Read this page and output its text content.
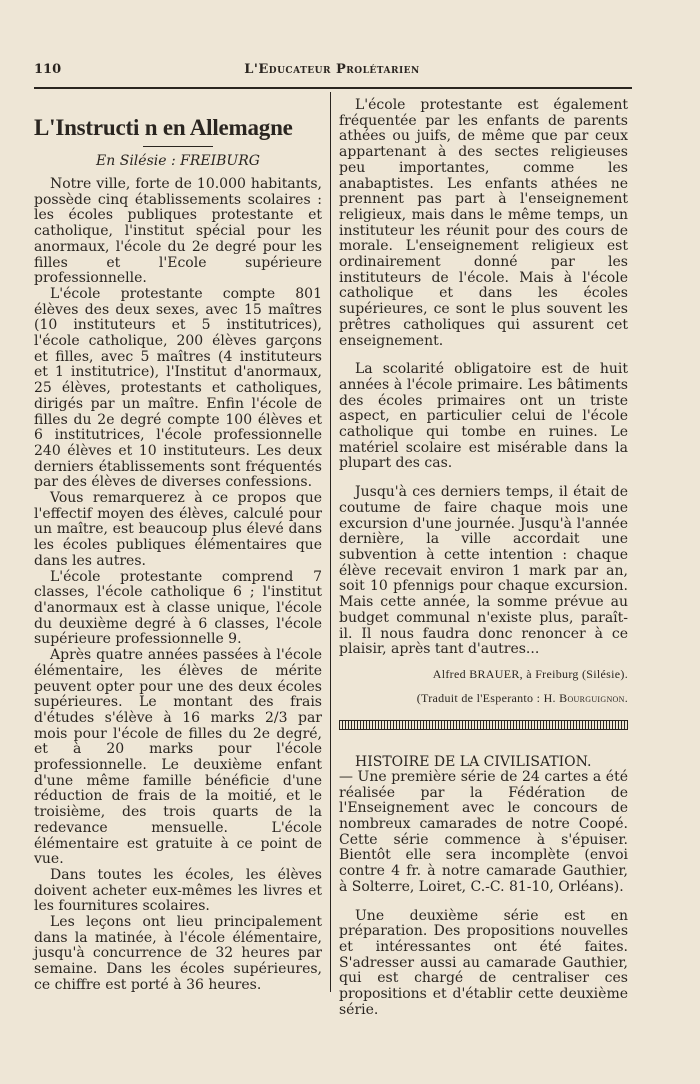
110	L'Educateur Prolétarien
L'Instructi n en Allemagne
En Silésie : FREIBURG

Notre ville, forte de 10.000 habitants, possède cinq établissements scolaires : les écoles publiques protestante et catholique, l'institut spécial pour les anormaux, l'école du 2e degré pour les filles et l'Ecole supérieure professionnelle.

L'école protestante compte 801 élèves des deux sexes, avec 15 maîtres (10 instituteurs et 5 institutrices), l'école catholique, 200 élèves garçons et filles, avec 5 maîtres (4 instituteurs et 1 institutrice), l'Institut d'anormaux, 25 élèves, protestants et catholiques, dirigés par un maître. Enfin l'école de filles du 2e degré compte 100 élèves et 6 institutrices, l'école professionnelle 240 élèves et 10 instituteurs. Les deux derniers établissements sont fréquentés par des élèves de diverses confessions.

Vous remarquerez à ce propos que l'effectif moyen des élèves, calculé pour un maître, est beaucoup plus élevé dans les écoles publiques élémentaires que dans les autres.

L'école protestante comprend 7 classes, l'école catholique 6 ; l'institut d'anormaux est à classe unique, l'école du deuxième degré à 6 classes, l'école supérieure professionnelle 9.

Après quatre années passées à l'école élémentaire, les élèves de mérite peuvent opter pour une des deux écoles supérieures. Le montant des frais d'études s'élève à 16 marks 2/3 par mois pour l'école de filles du 2e degré, et à 20 marks pour l'école professionnelle. Le deuxième enfant d'une même famille bénéficie d'une réduction de frais de la moitié, et le troisième, des trois quarts de la redevance mensuelle. L'école élémentaire est gratuite à ce point de vue.

Dans toutes les écoles, les élèves doivent acheter eux-mêmes les livres et les fournitures scolaires.

Les leçons ont lieu principalement dans la matinée, à l'école élémentaire, jusqu'à concurrence de 32 heures par semaine. Dans les écoles supérieures, ce chiffre est porté à 36 heures.

L'école protestante est également fréquentée par les enfants de parents athées ou juifs, de même que par ceux appartenant à des sectes religieuses peu importantes, comme les anabaptistes. Les enfants athées ne prennent pas part à l'enseignement religieux, mais dans le même temps, un instituteur les réunit pour des cours de morale. L'enseignement religieux est ordinairement donné par les instituteurs de l'école. Mais à l'école catholique et dans les écoles supérieures, ce sont le plus souvent les prêtres catholiques qui assurent cet enseignement.

La scolarité obligatoire est de huit années à l'école primaire. Les bâtiments des écoles primaires ont un triste aspect, en particulier celui de l'école catholique qui tombe en ruines. Le matériel scolaire est misérable dans la plupart des cas.

Jusqu'à ces derniers temps, il était de coutume de faire chaque mois une excursion d'une journée. Jusqu'à l'année dernière, la ville accordait une subvention à cette intention : chaque élève recevait environ 1 mark par an, soit 10 pfennigs pour chaque excursion. Mais cette année, la somme prévue au budget communal n'existe plus, paraît-il. Il nous faudra donc renoncer à ce plaisir, après tant d'autres...

Alfred BRAUER, à Freiburg (Silésie).
(Traduit de l'Esperanto : H. Bourguignon.
HISTOIRE DE LA CIVILISATION.

— Une première série de 24 cartes a été réalisée par la Fédération de l'Enseignement avec le concours de nombreux camarades de notre Coopé. Cette série commence à s'épuiser. Bientôt elle sera incomplète (envoi contre 4 fr. à notre camarade Gauthier, à Solterre, Loiret, C.-C. 81-10, Orléans).

Une deuxième série est en préparation. Des propositions nouvelles et intéressantes ont été faites. S'adresser aussi au camarade Gauthier, qui est chargé de centraliser ces propositions et d'établir cette deuxième série.
